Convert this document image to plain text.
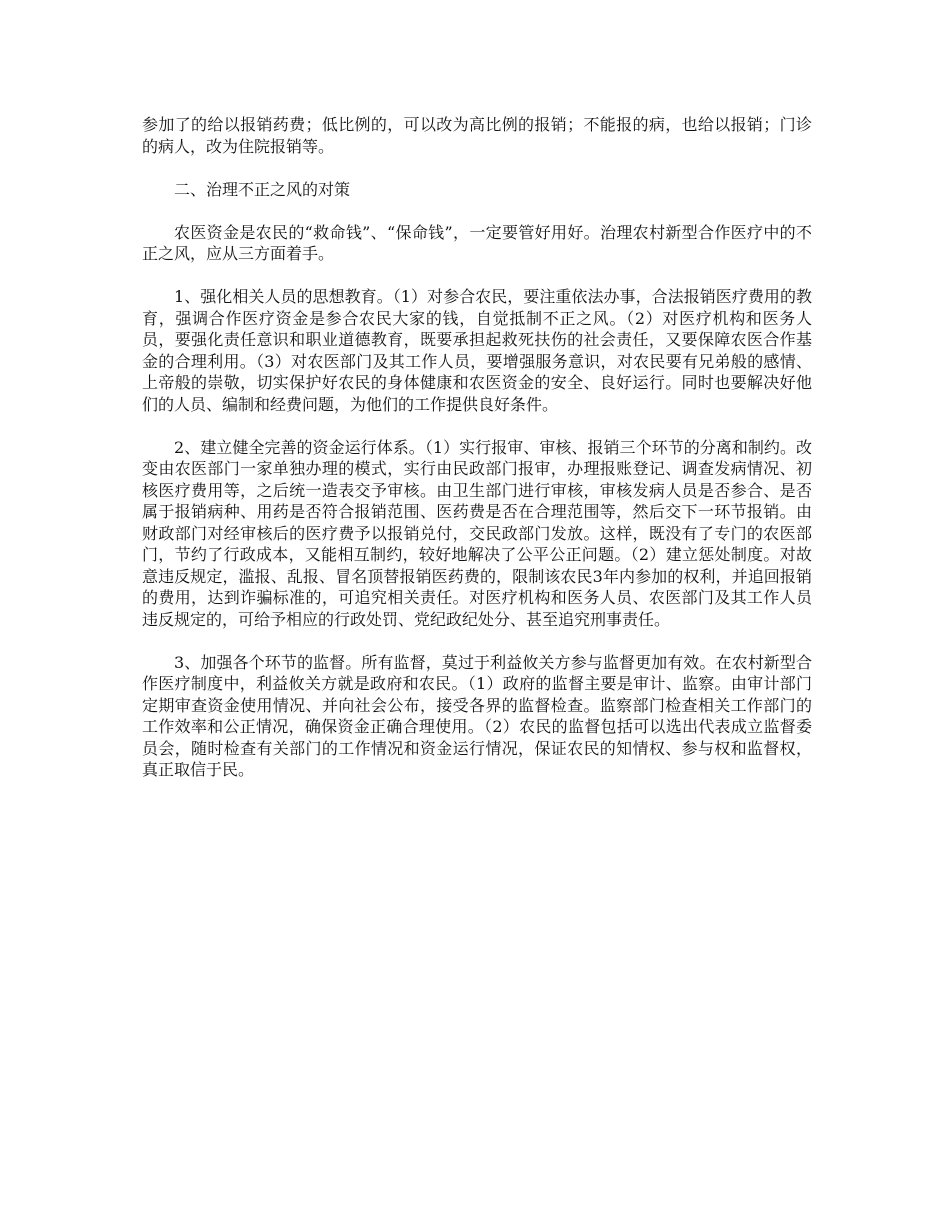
参加了的给以报销药费；低比例的，可以改为高比例的报销；不能报的病，也给以报销；门诊的病人，改为住院报销等。

二、治理不正之风的对策

农医资金是农民的“救命钱”、“保命钱”，一定要管好用好。治理农村新型合作医疗中的不正之风，应从三方面着手。

1、强化相关人员的思想教育。（1）对参合农民，要注重依法办事，合法报销医疗费用的教育，强调合作医疗资金是参合农民大家的钱，自觉抵制不正之风。（2）对医疗机构和医务人员，要强化责任意识和职业道德教育，既要承担起救死扶伤的社会责任，又要保障农医合作基金的合理利用。（3）对农医部门及其工作人员，要增强服务意识，对农民要有兄弟般的感情、上帝般的崇敬，切实保护好农民的身体健康和农医资金的安全、良好运行。同时也要解决好他们的人员、编制和经费问题，为他们的工作提供良好条件。

2、建立健全完善的资金运行体系。（1）实行报审、审核、报销三个环节的分离和制约。改变由农医部门一家单独办理的模式，实行由民政部门报审，办理报账登记、调查发病情况、初核医疗费用等，之后统一造表交予审核。由卫生部门进行审核，审核发病人员是否参合、是否属于报销病种、用药是否符合报销范围、医药费是否在合理范围等，然后交下一环节报销。由财政部门对经审核后的医疗费予以报销兑付，交民政部门发放。这样，既没有了专门的农医部门，节约了行政成本，又能相互制约，较好地解决了公平公正问题。（2）建立惩处制度。对故意违反规定，滥报、乱报、冒名顶替报销医药费的，限制该农民3年内参加的权利，并追回报销的费用，达到诈骗标准的，可追究相关责任。对医疗机构和医务人员、农医部门及其工作人员违反规定的，可给予相应的行政处罚、党纪政纪处分、甚至追究刑事责任。

3、加强各个环节的监督。所有监督，莫过于利益攸关方参与监督更加有效。在农村新型合作医疗制度中，利益攸关方就是政府和农民。（1）政府的监督主要是审计、监察。由审计部门定期审查资金使用情况、并向社会公布，接受各界的监督检查。监察部门检查相关工作部门的工作效率和公正情况，确保资金正确合理使用。（2）农民的监督包括可以选出代表成立监督委员会，随时检查有关部门的工作情况和资金运行情况，保证农民的知情权、参与权和监督权，真正取信于民。
